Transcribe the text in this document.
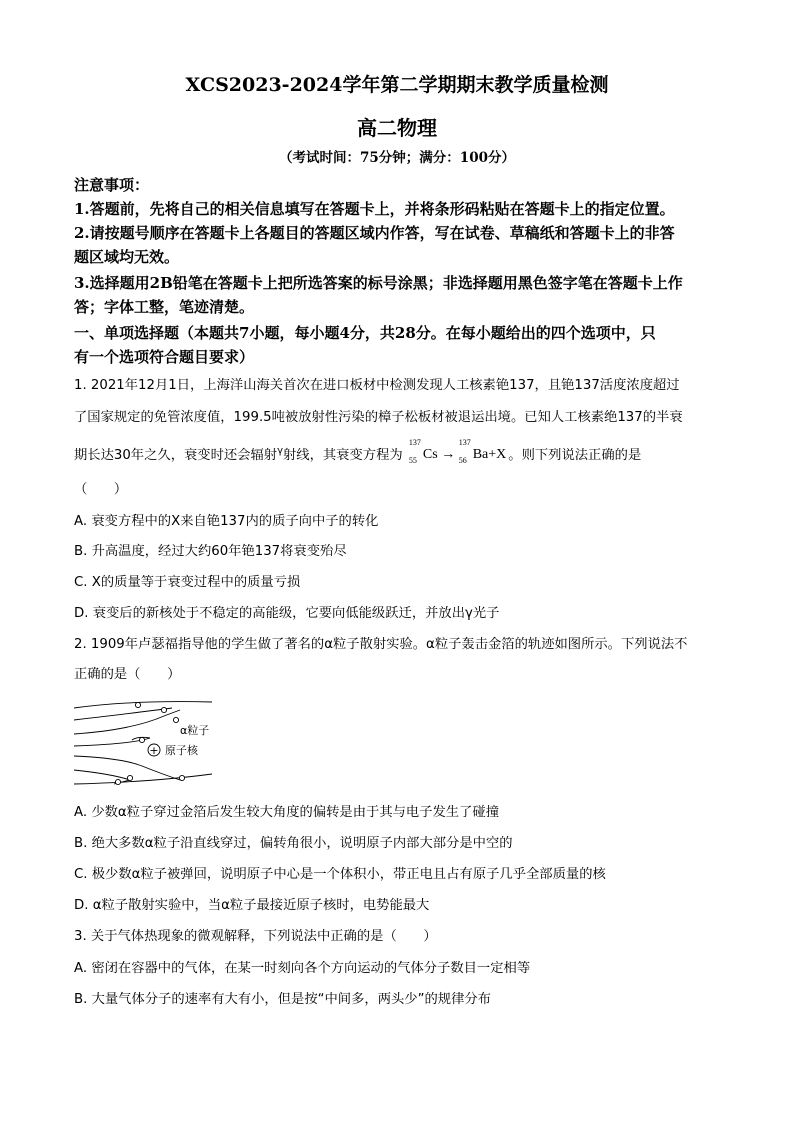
XCS2023-2024学年第二学期期末教学质量检测
高二物理
（考试时间：75分钟；满分：100分）
注意事项：
1.答题前，先将自己的相关信息填写在答题卡上，并将条形码粘贴在答题卡上的指定位置。
2.请按题号顺序在答题卡上各题目的答题区域内作答，写在试卷、草稿纸和答题卡上的非答
题区域均无效。
3.选择题用2B铅笔在答题卡上把所选答案的标号涂黑；非选择题用黑色签字笔在答题卡上作
答；字体工整，笔迹清楚。
一、单项选择题（本题共7小题，每小题4分，共28分。在每小题给出的四个选项中，只
有一个选项符合题目要求）
1. 2021年12月1日，上海洋山海关首次在进口板材中检测发现人工核素铯137，且铯137活度浓度超过
了国家规定的免管浓度值，199.5吨被放射性污染的樟子松板材被退运出境。已知人工核素绝137的半衰
期长达30年之久，衰变时还会辐射$^\gamma$射线，其衰变方程为
137
55 Cs →
137
56 Ba+X 。则下列说法正确的是
（　　）
A. 衰变方程中的X来自铯137内的质子向中子的转化
B. 升高温度，经过大约60年铯137将衰变殆尽
C. X的质量等于衰变过程中的质量亏损
D. 衰变后的新核处于不稳定的高能级，它要向低能级跃迁，并放出γ光子
2. 1909年卢瑟福指导他的学生做了著名的α粒子散射实验。α粒子轰击金箔的轨迹如图所示。下列说法不
正确的是（　　）
+
α粒子
原子核
A. 少数α粒子穿过金箔后发生较大角度的偏转是由于其与电子发生了碰撞
B. 绝大多数α粒子沿直线穿过，偏转角很小，说明原子内部大部分是中空的
C. 极少数α粒子被弹回，说明原子中心是一个体积小，带正电且占有原子几乎全部质量的核
D. α粒子散射实验中，当α粒子最接近原子核时，电势能最大
3. 关于气体热现象的微观解释，下列说法中正确的是（　　）
A. 密闭在容器中的气体，在某一时刻向各个方向运动的气体分子数目一定相等
B. 大量气体分子的速率有大有小，但是按“中间多，两头少”的规律分布
